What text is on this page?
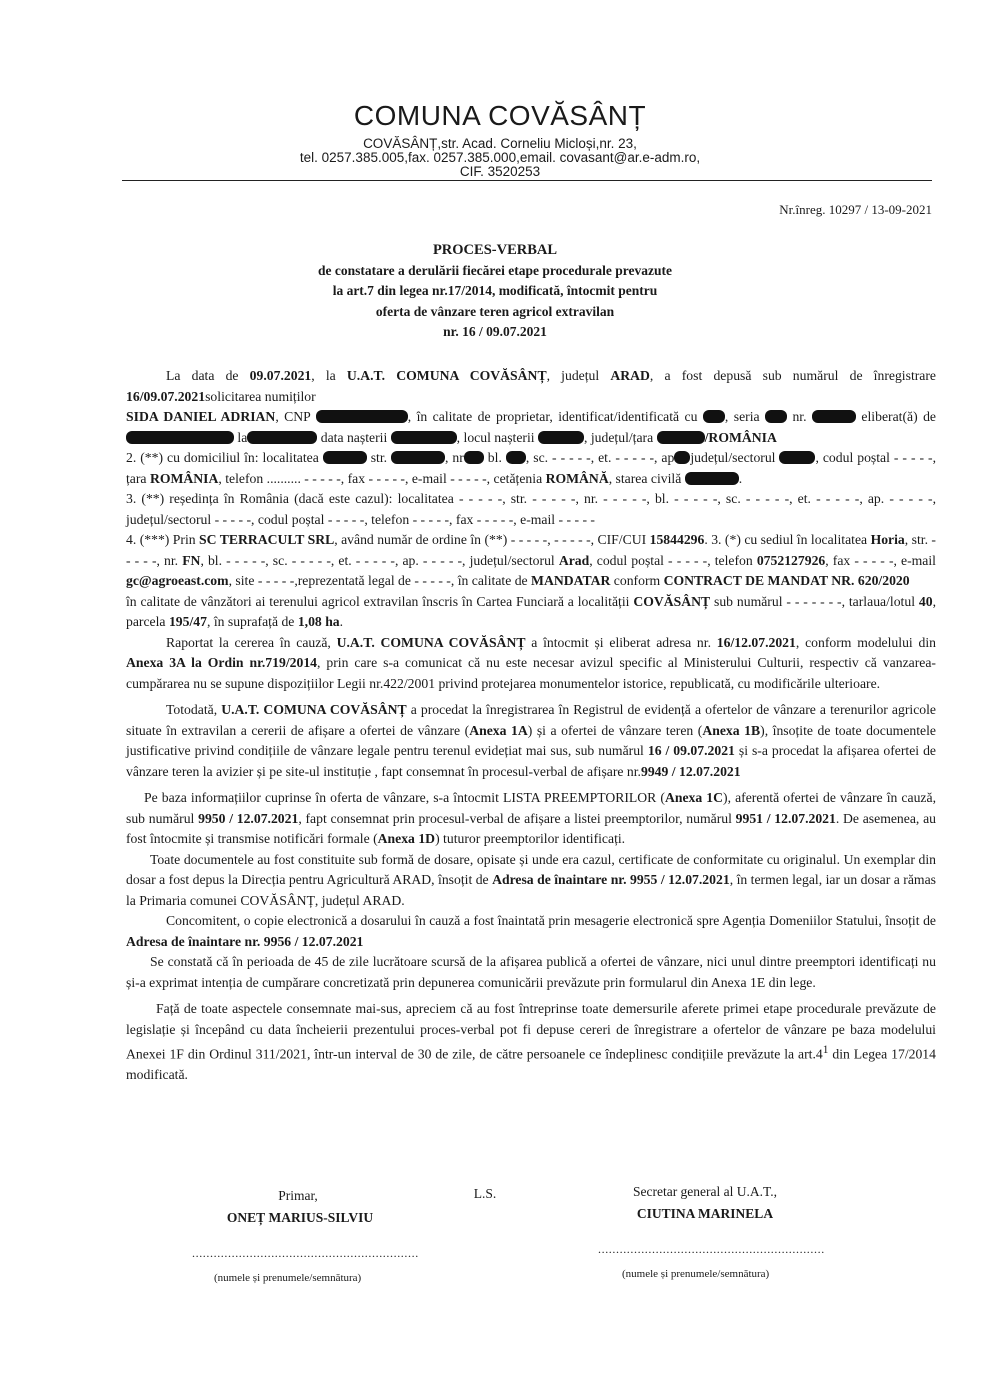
COMUNA COVĂSÂNȚ
COVĂSÂNȚ,str. Acad. Corneliu Micloși,nr. 23,
tel. 0257.385.005,fax. 0257.385.000,email. covasant@ar.e-adm.ro,
CIF. 3520253
Nr.înreg. 10297 / 13-09-2021
PROCES-VERBAL
de constatare a derulării fiecărei etape procedurale prevazute
la art.7 din legea nr.17/2014, modificată, întocmit pentru
oferta de vânzare teren agricol extravilan
nr. 16 / 09.07.2021

La data de 09.07.2021, la U.A.T. COMUNA COVĂSÂNȚ, județul ARAD, a fost depusă sub numărul de înregistrare 16/09.07.2021solicitarea numiților

SIDA DANIEL ADRIAN, CNP	, în calitate de proprietar, identificat/identificată cu , seria  nr.	eliberat(ă) de la	data nașterii	, locul nașterii	, județul/țara	/ROMÂNIA

2. (**) cu domiciliul în: localitatea	str.	, nr bl. , sc. - - - - -, et. - - - - -, ap județul/sectorul	, codul poștal - - - - -, țara ROMÂNIA, telefon .......... - - - - -, fax - - - - -, e-mail - - - - -, cetățenia ROMÂNĂ, starea civilă	.

3. (**) reședința în România (dacă este cazul): localitatea - - - - -, str. - - - - -, nr. - - - - -, bl. - - - - -, sc. - - - - -, et. - - - - -, ap. - - - - -, județul/sectorul - - - - -, codul poștal - - - - -, telefon - - - - -, fax - - - - -, e-mail - - - - -

4. (***) Prin SC TERRACULT SRL, având număr de ordine în (**) - - - - -, - - - - -, CIF/CUI 15844296. 3. (*) cu sediul în localitatea Horia, str. - - - - -, nr. FN, bl. - - - - -, sc. - - - - -, et. - - - - -, ap. - - - - -, județul/sectorul Arad, codul poștal - - - - -, telefon 0752127926, fax - - - - -, e-mail gc@agroeast.com, site - - - - -,reprezentată legal de - - - - -, în calitate de MANDATAR conform CONTRACT DE MANDAT NR. 620/2020

în calitate de vânzători ai terenului agricol extravilan înscris în Cartea Funciară a localității COVĂSÂNȚ sub numărul - - - - - - -, tarlaua/lotul 40, parcela 195/47, în suprafață de 1,08 ha.

Raportat la cererea în cauză, U.A.T. COMUNA COVĂSÂNȚ a întocmit și eliberat adresa nr. 16/12.07.2021, conform modelului din Anexa 3A la Ordin nr.719/2014, prin care s-a comunicat că nu este necesar avizul specific al Ministerului Culturii, respectiv că vanzarea-cumpărarea nu se supune dispozițiilor Legii nr.422/2001 privind protejarea monumentelor istorice, republicată, cu modificările ulterioare.

Totodată, U.A.T. COMUNA COVĂSÂNȚ a procedat la înregistrarea în Registrul de evidență a ofertelor de vânzare a terenurilor agricole situate în extravilan a cererii de afișare a ofertei de vânzare (Anexa 1A) și a ofertei de vânzare teren (Anexa 1B), însoțite de toate documentele justificative privind condițiile de vânzare legale pentru terenul evidețiat mai sus, sub numărul 16 / 09.07.2021 și s-a procedat la afișarea ofertei de vânzare teren la avizier și pe site-ul instituție , fapt consemnat în procesul-verbal de afișare nr.9949 / 12.07.2021

Pe baza informațiilor cuprinse în oferta de vânzare, s-a întocmit LISTA PREEMPTORILOR (Anexa 1C), aferentă ofertei de vânzare în cauză, sub numărul 9950 / 12.07.2021, fapt consemnat prin procesul-verbal de afișare a listei preemptorilor, numărul 9951 / 12.07.2021. De asemenea, au fost întocmite și transmise notificări formale (Anexa 1D) tuturor preemptorilor identificați.

Toate documentele au fost constituite sub formă de dosare, opisate și unde era cazul, certificate de conformitate cu originalul. Un exemplar din dosar a fost depus la Direcția pentru Agricultură ARAD, însoțit de Adresa de înaintare nr. 9955 / 12.07.2021, în termen legal, iar un dosar a rămas la Primaria comunei COVĂSÂNȚ, județul ARAD.

Concomitent, o copie electronică a dosarului în cauză a fost înaintată prin mesagerie electronică spre Agenția Domeniilor Statului, însoțit de Adresa de înaintare nr. 9956 / 12.07.2021

Se constată că în perioada de 45 de zile lucrătoare scursă de la afișarea publică a ofertei de vânzare, nici unul dintre preemptori identificați nu și-a exprimat intenția de cumpărare concretizată prin depunerea comunicării prevăzute prin formularul din Anexa 1E din lege.

Față de toate aspectele consemnate mai-sus, apreciem că au fost întreprinse toate demersurile aferete primei etape procedurale prevăzute de legislație și începând cu data încheierii prezentului proces-verbal pot fi depuse cereri de înregistrare a ofertelor de vânzare pe baza modelului Anexei 1F din Ordinul 311/2021, într-un interval de 30 de zile, de către persoanele ce îndeplinesc condițiile prevăzute la $art.4^1$ din Legea 17/2014 modificată.

Primar,
ONEȚ MARIUS-SILVIU
L.S.	Secretar general al U.A.T.,
CIUTINA MARINELA
...............................................................	...............................................................
(numele și prenumele/semnătura)	(numele și prenumele/semnătura)
